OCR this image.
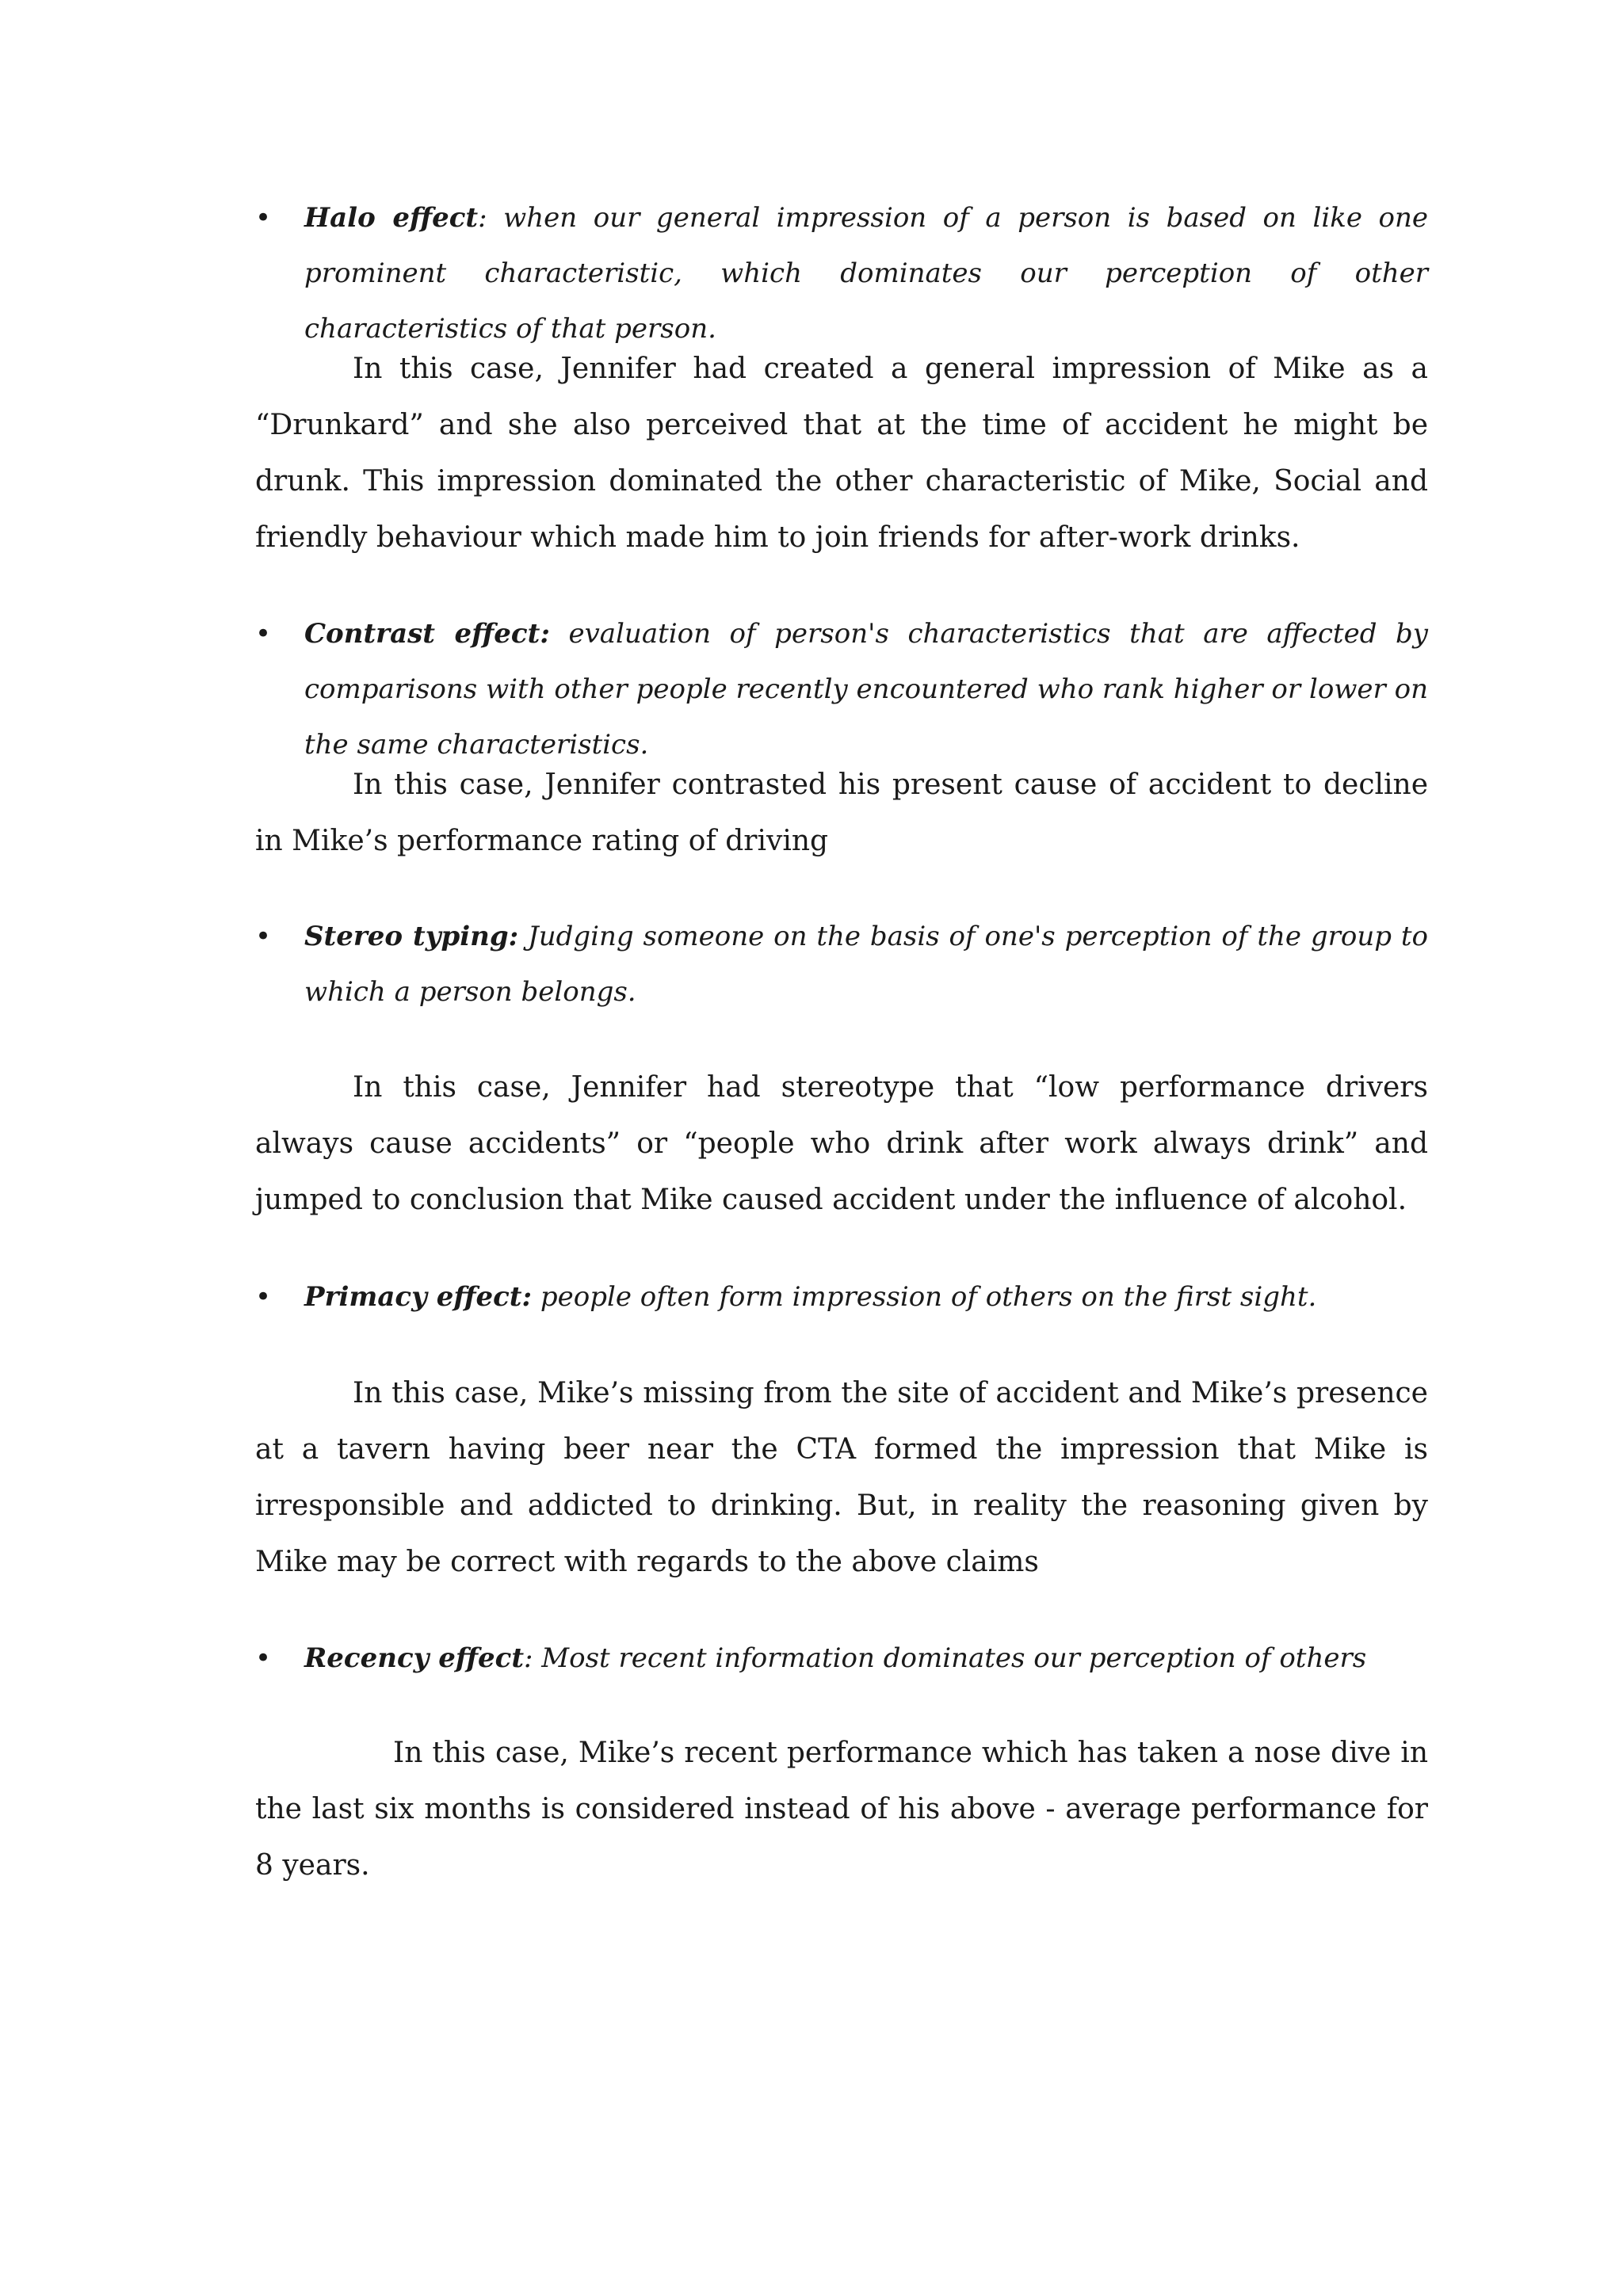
• Halo effect: when our general impression of a person is based on like one prominent characteristic, which dominates our perception of other characteristics of that person.
In this case, Jennifer had created a general impression of Mike as a “Drunkard” and she also perceived that at the time of accident he might be drunk. This impression dominated the other characteristic of Mike, Social and friendly behaviour which made him to join friends for after-work drinks.
• Contrast effect: evaluation of person's characteristics that are affected by comparisons with other people recently encountered who rank higher or lower on the same characteristics.
In this case, Jennifer contrasted his present cause of accident to decline in Mike’s performance rating of driving
• Stereo typing: Judging someone on the basis of one's perception of the group to which a person belongs.
In this case, Jennifer had stereotype that “low performance drivers always cause accidents” or “people who drink after work always drink” and jumped to conclusion that Mike caused accident under the influence of alcohol.
• Primacy effect: people often form impression of others on the first sight.
In this case, Mike’s missing from the site of accident and Mike’s presence at a tavern having beer near the CTA formed the impression that Mike is irresponsible and addicted to drinking. But, in reality the reasoning given by Mike may be correct with regards to the above claims
• Recency effect: Most recent information dominates our perception of others
In this case, Mike’s recent performance which has taken a nose dive in the last six months is considered instead of his above - average performance for 8 years.
